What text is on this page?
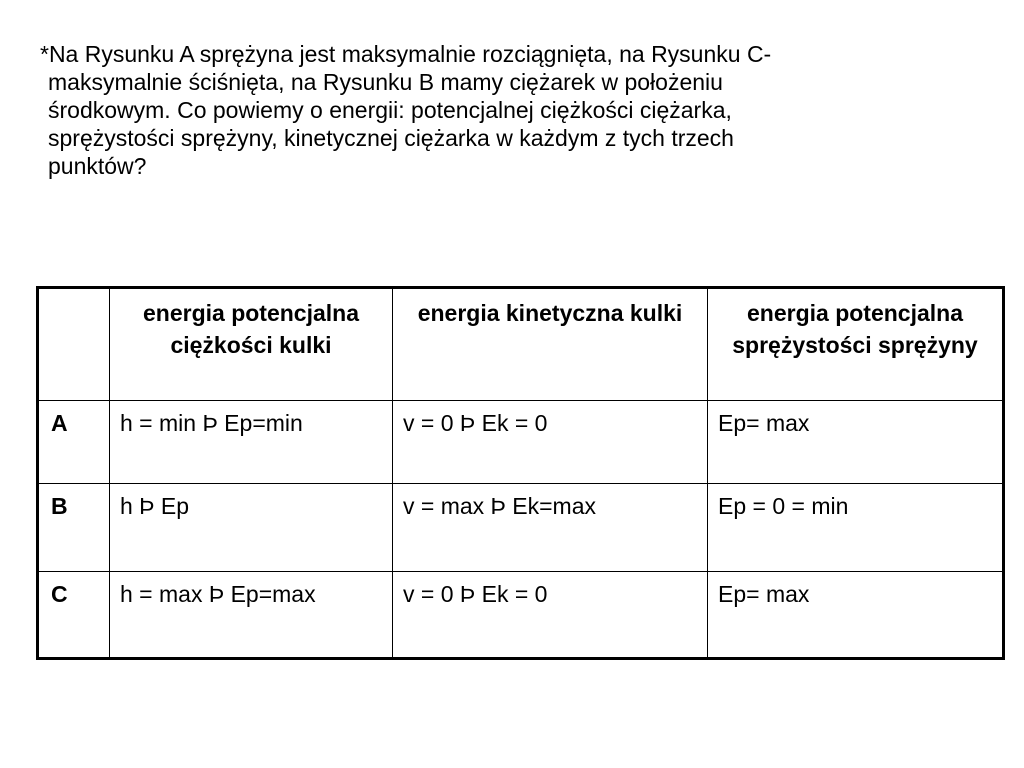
*Na Rysunku A sprężyna jest maksymalnie rozciągnięta, na Rysunku C-
maksymalnie ściśnięta, na Rysunku B mamy ciężarek w położeniu
środkowym. Co powiemy o energii: potencjalnej ciężkości ciężarka,
sprężystości sprężyny, kinetycznej ciężarka w każdym z tych trzech
punktów?
	energia potencjalna ciężkości kulki	energia kinetyczna kulki	energia potencjalna sprężystości sprężyny
A	h = min Þ Ep=min	v = 0 Þ Ek = 0	Ep= max
B	h Þ Ep	v = max Þ Ek=max	Ep = 0 = min
C	h = max Þ Ep=max	v = 0 Þ Ek = 0	Ep= max
